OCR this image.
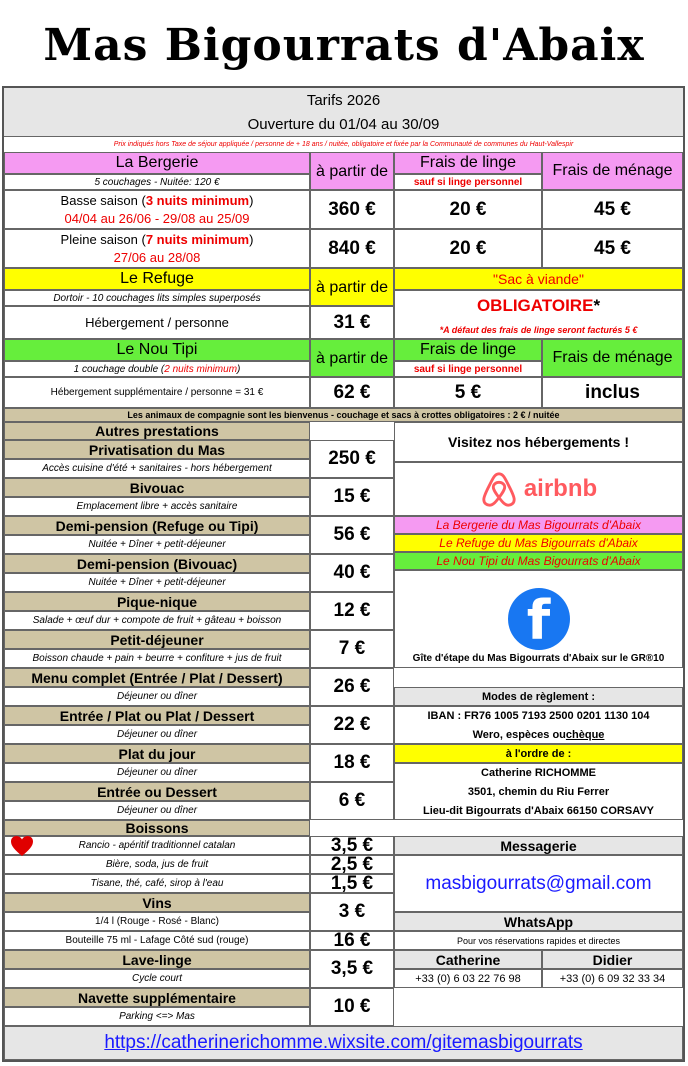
Mas Bigourrats d'Abaix
Tarifs 2026
Ouverture du 01/04 au 30/09
Prix indiqués hors Taxe de séjour appliquée / personne de + 18 ans / nuitée, obligatoire et fixée par la Communauté de communes du Haut-Vallespir
La Bergerie
5 couchages - Nuitée: 120 €
à partir de	Frais de linge
sauf si linge personnel
Frais de ménage
Basse saison (3 nuits minimum)
04/04 au 26/06 - 29/08 au 25/09	360 €	20 €	45 €
Pleine saison (7 nuits minimum)
27/06 au 28/08	840 €	20 €	45 €
Le Refuge
Dortoir - 10 couchages lits simples superposés
à partir de	"Sac à viande"
Hébergement / personne	31 €
OBLIGATOIRE *
*A défaut des frais de linge seront facturés 5 €
Le Nou Tipi
1 couchage double ( 2 nuits minimum )
à partir de	Frais de linge
sauf si linge personnel
Frais de ménage
Hébergement supplémentaire / personne = 31 €	62 €	5 €	inclus
Les animaux de compagnie sont les bienvenus - couchage et sacs à crottes obligatoires : 2 € / nuitée
Autres prestations
Privatisation du Mas
Accès cuisine d'été + sanitaires - hors hébergement	250 €
Bivouac
Emplacement libre + accès sanitaire	15 €
Demi-pension (Refuge ou Tipi)
Nuitée + Dîner + petit-déjeuner	56 €
Demi-pension (Bivouac)
Nuitée + Dîner + petit-déjeuner	40 €
Pique-nique
Salade + œuf dur + compote de fruit + gâteau + boisson	12 €
Petit-déjeuner
Boisson chaude + pain + beurre + confiture + jus de fruit	7 €
Menu complet (Entrée / Plat / Dessert)
Déjeuner ou dîner	26 €
Entrée / Plat ou Plat / Dessert
Déjeuner ou dîner	22 €
Plat du jour
Déjeuner ou dîner	18 €
Entrée ou Dessert
Déjeuner ou dîner	6 €
Boissons
Rancio - apéritif traditionnel catalan	3,5 €
Bière, soda, jus de fruit	2,5 €
Tisane, thé, café, sirop à l'eau	1,5 €
Vins	3 €
1/4 l (Rouge - Rosé - Blanc)
Bouteille 75 ml - Lafage Côté sud (rouge)	16 €
Lave-linge
Cycle court	3,5 €
Navette supplémentaire
Parking <=> Mas	10 €
Visitez nos hébergements !
airbnb
La Bergerie du Mas Bigourrats d'Abaix
Le Refuge du Mas Bigourrats d'Abaix
Le Nou Tipi du Mas Bigourrats d'Abaix
f
Gîte d'étape du Mas Bigourrats d'Abaix sur le GR®10
Modes de règlement :
IBAN : FR76 1005 7193 2500 0201 1130 104
Wero, espèces ou chèque
à l'ordre de :
Catherine RICHOMME
3501, chemin du Riu Ferrer
Lieu-dit Bigourrats d'Abaix 66150 CORSAVY
Messagerie
masbigourrats@gmail.com
WhatsApp
Pour vos réservations rapides et directes
Catherine	Didier
+33 (0) 6 03 22 76 98	+33 (0) 6 09 32 33 34
https://catherinerichomme.wixsite.com/gitemasbigourrats
